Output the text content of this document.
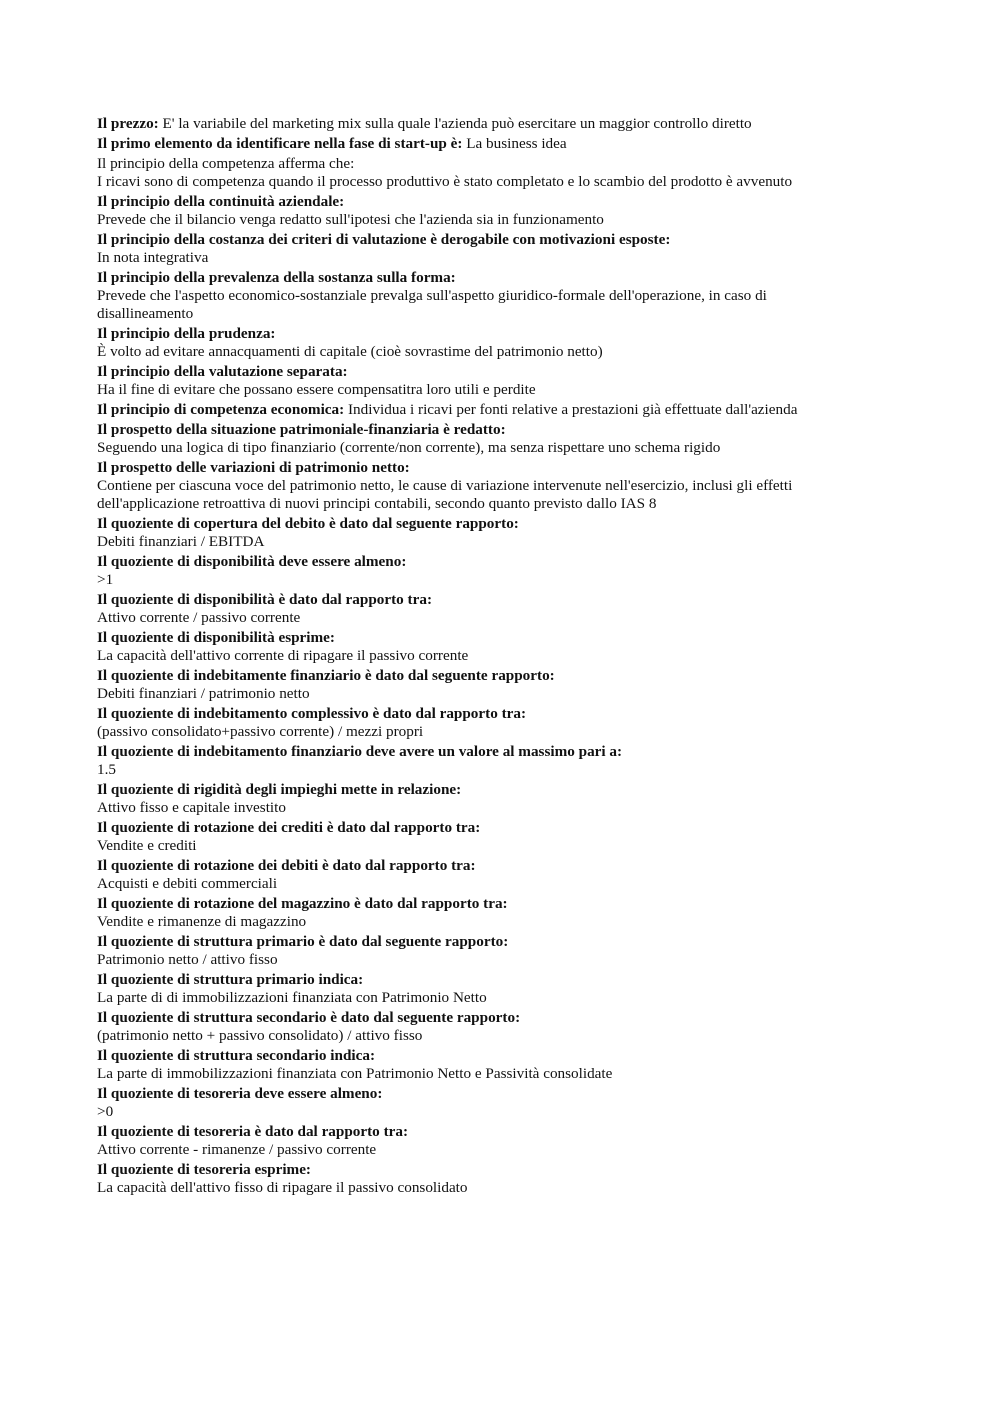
Il prezzo: E' la variabile del marketing mix sulla quale l'azienda può esercitare un maggior controllo diretto
Il primo elemento da identificare nella fase di start-up è: La business idea
Il principio della competenza afferma che:
I ricavi sono di competenza quando il processo produttivo è stato completato e lo scambio del prodotto è avvenuto
Il principio della continuità aziendale:
Prevede che il bilancio venga redatto sull'ipotesi che l'azienda sia in funzionamento
Il principio della costanza dei criteri di valutazione è derogabile con motivazioni esposte:
In nota integrativa
Il principio della prevalenza della sostanza sulla forma:
Prevede che l'aspetto economico-sostanziale prevalga sull'aspetto giuridico-formale dell'operazione, in caso di disallineamento
Il principio della prudenza:
È volto ad evitare annacquamenti di capitale (cioè sovrastime del patrimonio netto)
Il principio della valutazione separata:
Ha il fine di evitare che possano essere compensatitra loro utili e perdite
Il principio di competenza economica: Individua i ricavi per fonti relative a prestazioni già effettuate dall'azienda
Il prospetto della situazione patrimoniale-finanziaria è redatto:
Seguendo una logica di tipo finanziario (corrente/non corrente), ma senza rispettare uno schema rigido
Il prospetto delle variazioni di patrimonio netto:
Contiene per ciascuna voce del patrimonio netto, le cause di variazione intervenute nell'esercizio, inclusi gli effetti dell'applicazione retroattiva di nuovi principi contabili, secondo quanto previsto dallo IAS 8
Il quoziente di copertura del debito è dato dal seguente rapporto:
Debiti finanziari / EBITDA
Il quoziente di disponibilità deve essere almeno:
>1
Il quoziente di disponibilità è dato dal rapporto tra:
Attivo corrente / passivo corrente
Il quoziente di disponibilità esprime:
La capacità dell'attivo corrente di ripagare il passivo corrente
Il quoziente di indebitamente finanziario è dato dal seguente rapporto:
Debiti finanziari / patrimonio netto
Il quoziente di indebitamento complessivo è dato dal rapporto tra:
(passivo consolidato+passivo corrente) / mezzi propri
Il quoziente di indebitamento finanziario deve avere un valore al massimo pari a:
1.5
Il quoziente di rigidità degli impieghi mette in relazione:
Attivo fisso e capitale investito
Il quoziente di rotazione dei crediti è dato dal rapporto tra:
Vendite e crediti
Il quoziente di rotazione dei debiti è dato dal rapporto tra:
Acquisti e debiti commerciali
Il quoziente di rotazione del magazzino è dato dal rapporto tra:
Vendite e rimanenze di magazzino
Il quoziente di struttura primario è dato dal seguente rapporto:
Patrimonio netto / attivo fisso
Il quoziente di struttura primario indica:
La parte di di immobilizzazioni finanziata con Patrimonio Netto
Il quoziente di struttura secondario è dato dal seguente rapporto:
(patrimonio netto + passivo consolidato) / attivo fisso
Il quoziente di struttura secondario indica:
La parte di immobilizzazioni finanziata con Patrimonio Netto e Passività consolidate
Il quoziente di tesoreria deve essere almeno:
>0
Il quoziente di tesoreria è dato dal rapporto tra:
Attivo corrente - rimanenze / passivo corrente
Il quoziente di tesoreria esprime:
La capacità dell'attivo fisso di ripagare il passivo consolidato
